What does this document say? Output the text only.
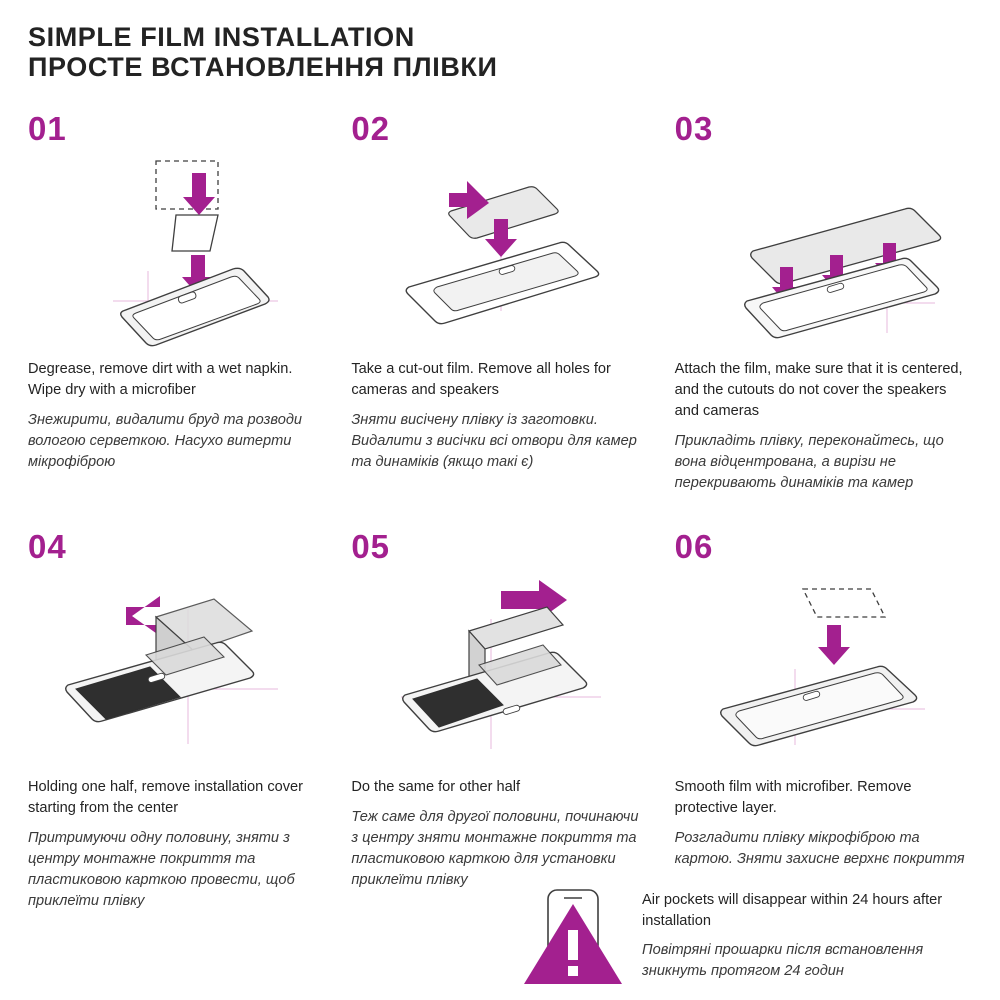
SIMPLE FILM INSTALLATION
ПРОСТЕ ВСТАНОВЛЕННЯ ПЛІВКИ
01
Degrease, remove dirt with a wet napkin. Wipe dry with a microfiber
Знежирити, видалити бруд та розводи вологою серветкою. Насухо витерти мікрофіброю
02
Take a cut-out film. Remove all holes for cameras and speakers
Зняти висічену плівку із заготовки. Видалити з висічки всі отвори для камер та динаміків (якщо такі є)
03
Attach the film, make sure that it is centered, and the cutouts do not cover the speakers and cameras
Прикладіть плівку, переконайтесь, що вона відцентрована, а вирізи не перекривають динаміків та камер
04
Holding one half, remove installation cover starting from the center
Притримуючи одну половину, зняти з центру монтажне покриття та пластиковою карткою провести, щоб приклеїти плівку
05
Do the same for other half
Теж саме для другої половини, починаючи з центру зняти монтажне покриття та пластиковою карткою для установки приклеїти плівку
06
Smooth film with microfiber. Remove protective layer.
Розгладити плівку мікрофіброю та картою. Зняти захисне верхнє покриття
Air pockets will disappear within 24 hours after installation
Повітряні прошарки після встановлення зникнуть протягом 24 годин
